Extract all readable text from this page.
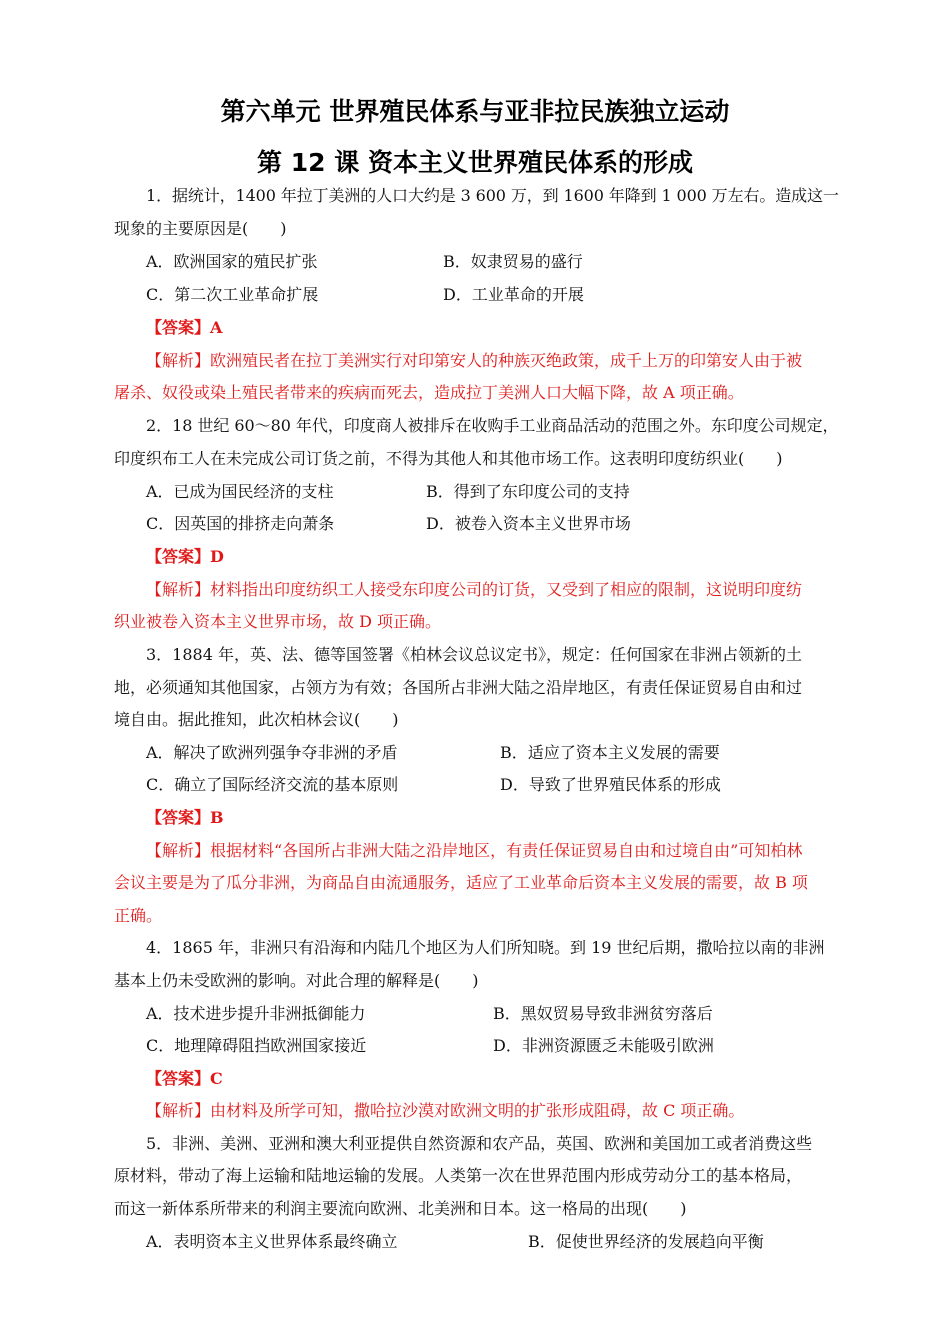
第六单元 世界殖民体系与亚非拉民族独立运动
第 12 课 资本主义世界殖民体系的形成
1．据统计，1400 年拉丁美洲的人口大约是 3 600 万，到 1600 年降到 1 000 万左右。造成这一
现象的主要原因是(　　)
A．欧洲国家的殖民扩张	B．奴隶贸易的盛行
C．第二次工业革命扩展	D．工业革命的开展
【答案】A
【解析】欧洲殖民者在拉丁美洲实行对印第安人的种族灭绝政策，成千上万的印第安人由于被
屠杀、奴役或染上殖民者带来的疾病而死去，造成拉丁美洲人口大幅下降，故 A 项正确。
2．18 世纪 60～80 年代，印度商人被排斥在收购手工业商品活动的范围之外。东印度公司规定，
印度织布工人在未完成公司订货之前，不得为其他人和其他市场工作。这表明印度纺织业(　　)
A．已成为国民经济的支柱	B．得到了东印度公司的支持
C．因英国的排挤走向萧条	D．被卷入资本主义世界市场
【答案】D
【解析】材料指出印度纺织工人接受东印度公司的订货，又受到了相应的限制，这说明印度纺
织业被卷入资本主义世界市场，故 D 项正确。
3．1884 年，英、法、德等国签署《柏林会议总议定书》，规定：任何国家在非洲占领新的土
地，必须通知其他国家，占领方为有效；各国所占非洲大陆之沿岸地区，有责任保证贸易自由和过
境自由。据此推知，此次柏林会议(　　)
A．解决了欧洲列强争夺非洲的矛盾	B．适应了资本主义发展的需要
C．确立了国际经济交流的基本原则	D．导致了世界殖民体系的形成
【答案】B
【解析】根据材料“各国所占非洲大陆之沿岸地区，有责任保证贸易自由和过境自由”可知柏林
会议主要是为了瓜分非洲，为商品自由流通服务，适应了工业革命后资本主义发展的需要，故 B 项
正确。
4．1865 年，非洲只有沿海和内陆几个地区为人们所知晓。到 19 世纪后期，撒哈拉以南的非洲
基本上仍未受欧洲的影响。对此合理的解释是(　　)
A．技术进步提升非洲抵御能力	B．黑奴贸易导致非洲贫穷落后
C．地理障碍阻挡欧洲国家接近	D．非洲资源匮乏未能吸引欧洲
【答案】C
【解析】由材料及所学可知，撒哈拉沙漠对欧洲文明的扩张形成阻碍，故 C 项正确。
5．非洲、美洲、亚洲和澳大利亚提供自然资源和农产品，英国、欧洲和美国加工或者消费这些
原材料，带动了海上运输和陆地运输的发展。人类第一次在世界范围内形成劳动分工的基本格局，
而这一新体系所带来的利润主要流向欧洲、北美洲和日本。这一格局的出现(　　)
A．表明资本主义世界体系最终确立	B．促使世界经济的发展趋向平衡
